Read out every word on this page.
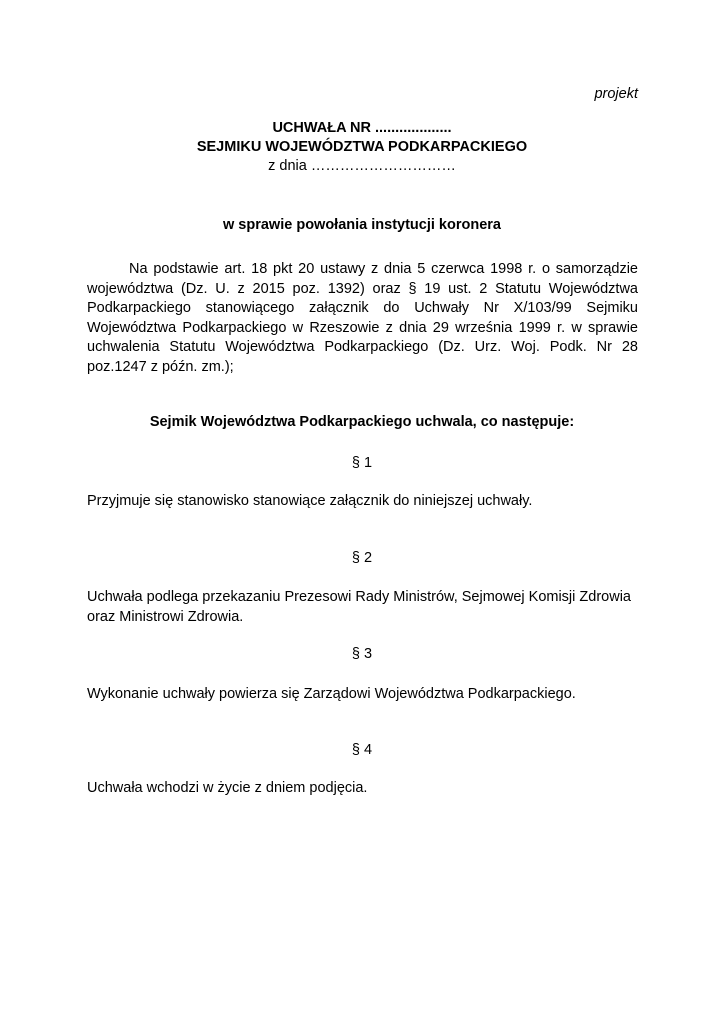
projekt
UCHWAŁA NR ...................
SEJMIKU WOJEWÓDZTWA PODKARPACKIEGO
z dnia …………………………
w sprawie powołania instytucji koronera
Na podstawie art. 18 pkt 20 ustawy z dnia 5 czerwca 1998 r. o samorządzie województwa (Dz. U. z 2015 poz. 1392) oraz § 19 ust. 2 Statutu Województwa Podkarpackiego stanowiącego załącznik do Uchwały Nr X/103/99 Sejmiku Województwa Podkarpackiego w Rzeszowie z dnia 29 września 1999 r. w sprawie uchwalenia Statutu Województwa Podkarpackiego (Dz. Urz. Woj. Podk. Nr 28 poz.1247 z późn. zm.);
Sejmik Województwa Podkarpackiego uchwala, co następuje:
§ 1
Przyjmuje się stanowisko stanowiące załącznik do niniejszej uchwały.
§ 2
Uchwała podlega przekazaniu Prezesowi Rady Ministrów, Sejmowej Komisji Zdrowia oraz Ministrowi Zdrowia.
§ 3
Wykonanie uchwały powierza się Zarządowi Województwa Podkarpackiego.
§ 4
Uchwała wchodzi w życie z dniem podjęcia.
